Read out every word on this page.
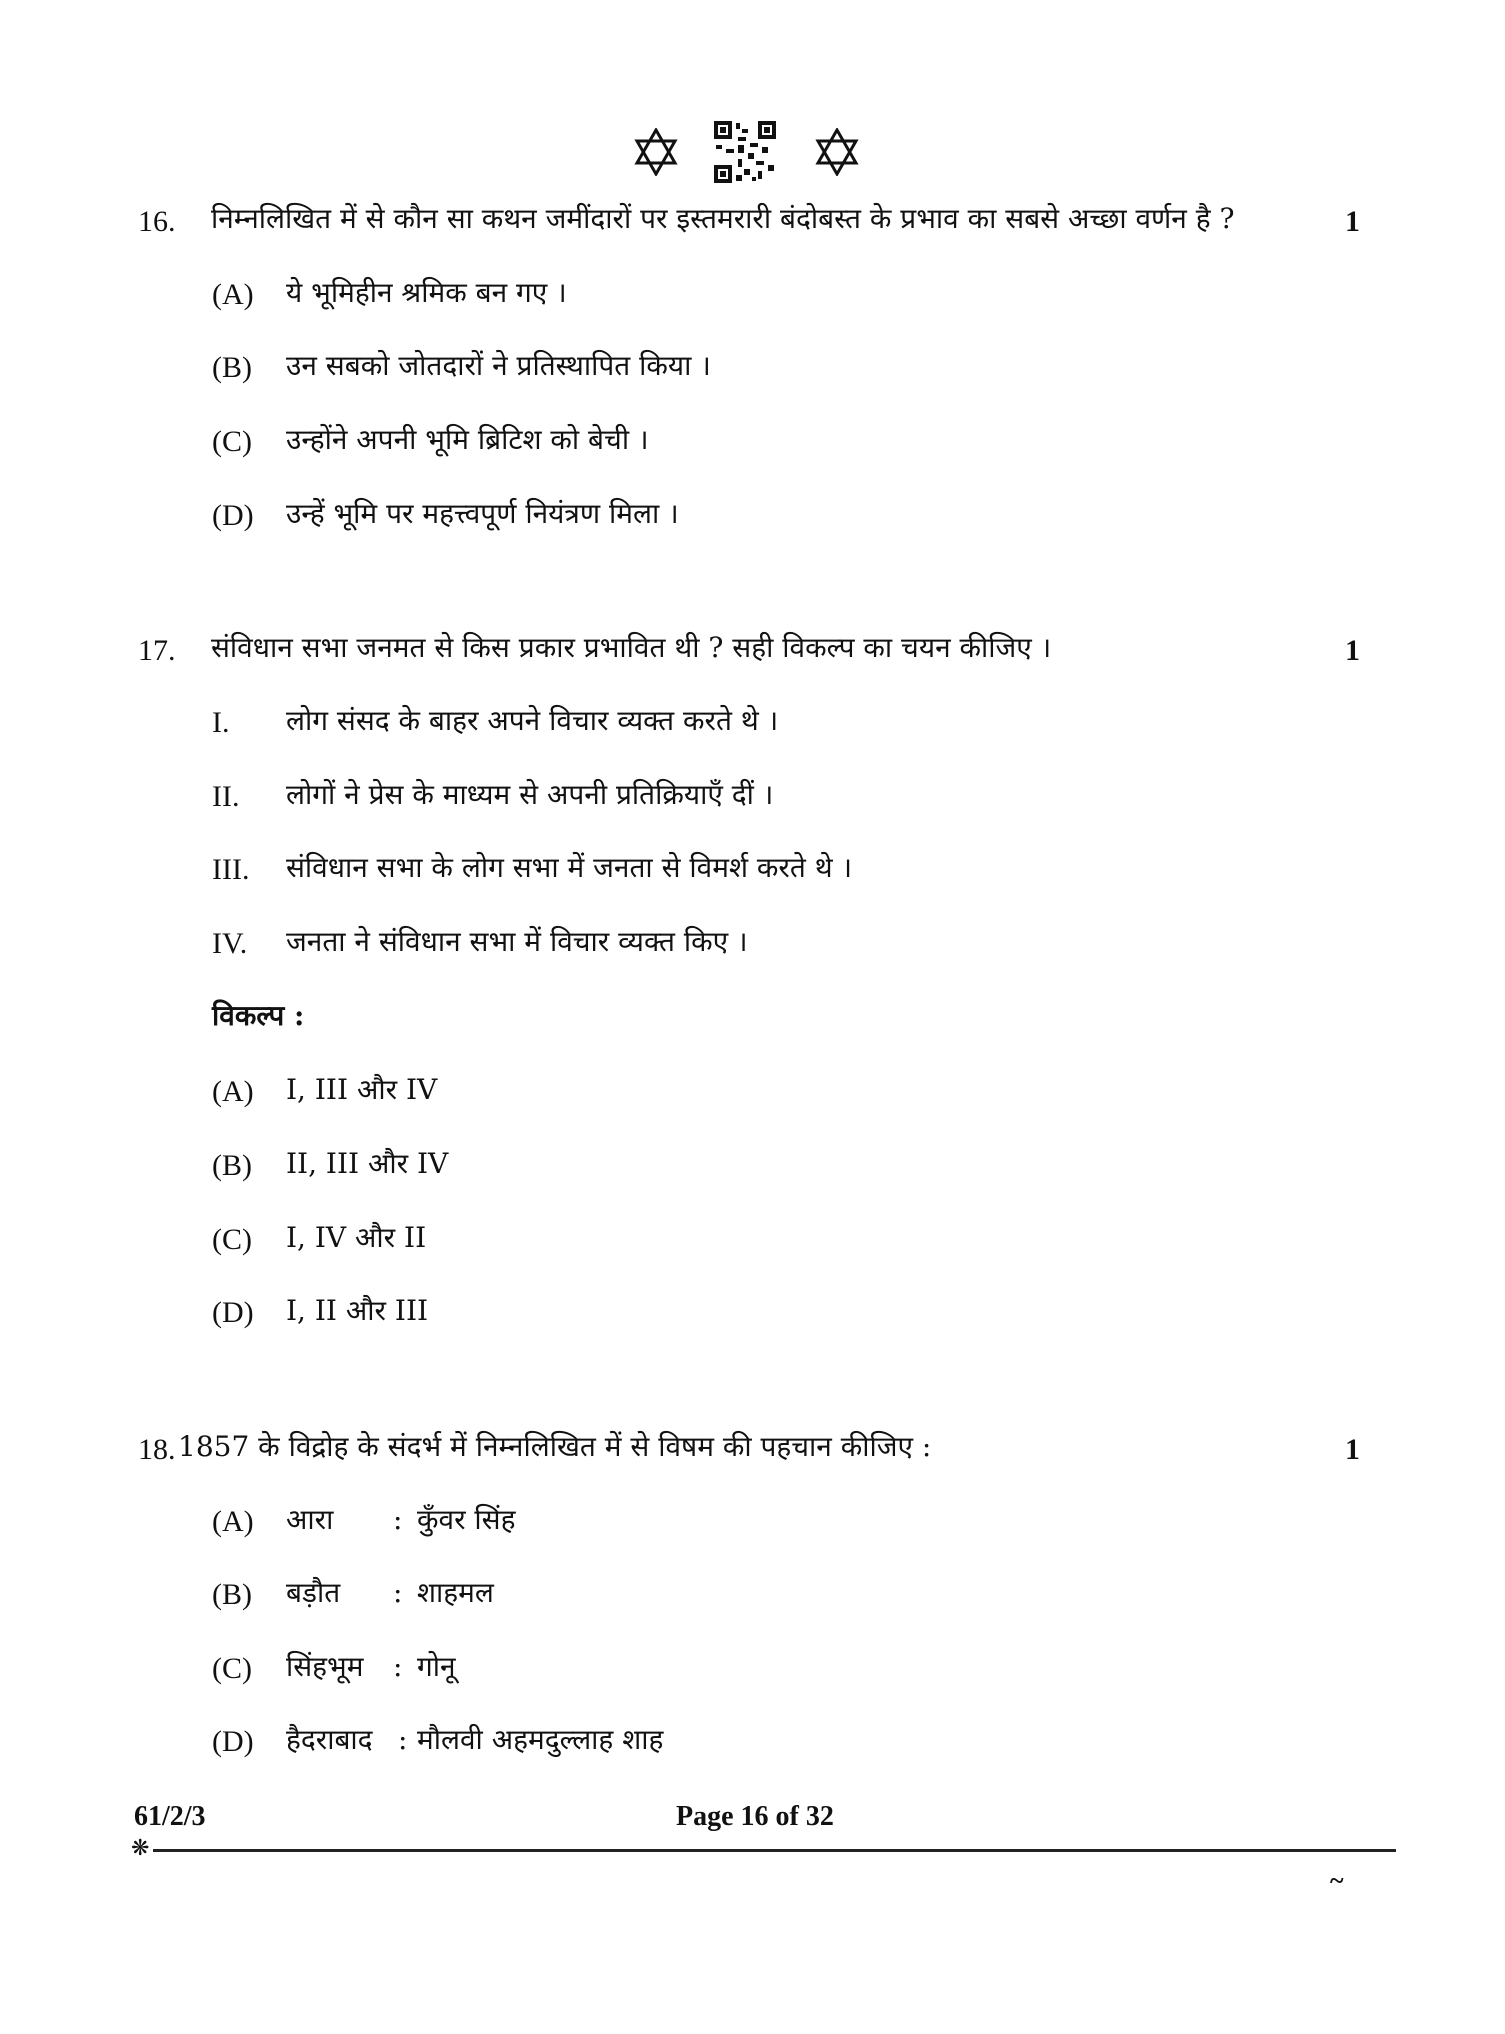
16. निम्नलिखित में से कौन सा कथन जमींदारों पर इस्तमरारी बंदोबस्त के प्रभाव का सबसे अच्छा वर्णन है ?	1
(A) ये भूमिहीन श्रमिक बन गए ।
(B) उन सबको जोतदारों ने प्रतिस्थापित किया ।
(C) उन्होंने अपनी भूमि ब्रिटिश को बेची ।
(D) उन्हें भूमि पर महत्त्वपूर्ण नियंत्रण मिला ।
17. संविधान सभा जनमत से किस प्रकार प्रभावित थी ? सही विकल्प का चयन कीजिए ।	1
I. लोग संसद के बाहर अपने विचार व्यक्त करते थे ।
II. लोगों ने प्रेस के माध्यम से अपनी प्रतिक्रियाएँ दीं ।
III. संविधान सभा के लोग सभा में जनता से विमर्श करते थे ।
IV. जनता ने संविधान सभा में विचार व्यक्त किए ।
विकल्प :
(A) I, III और IV
(B) II, III और IV
(C) I, IV और II
(D) I, II और III
18. 1857 के विद्रोह के संदर्भ में निम्नलिखित में से विषम की पहचान कीजिए :	1
(A) आरा : कुँवर सिंह
(B) बड़ौत : शाहमल
(C) सिंहभूम : गोनू
(D) हैदराबाद : मौलवी अहमदुल्लाह शाह
61/2/3	Page 16 of 32
❋
~
